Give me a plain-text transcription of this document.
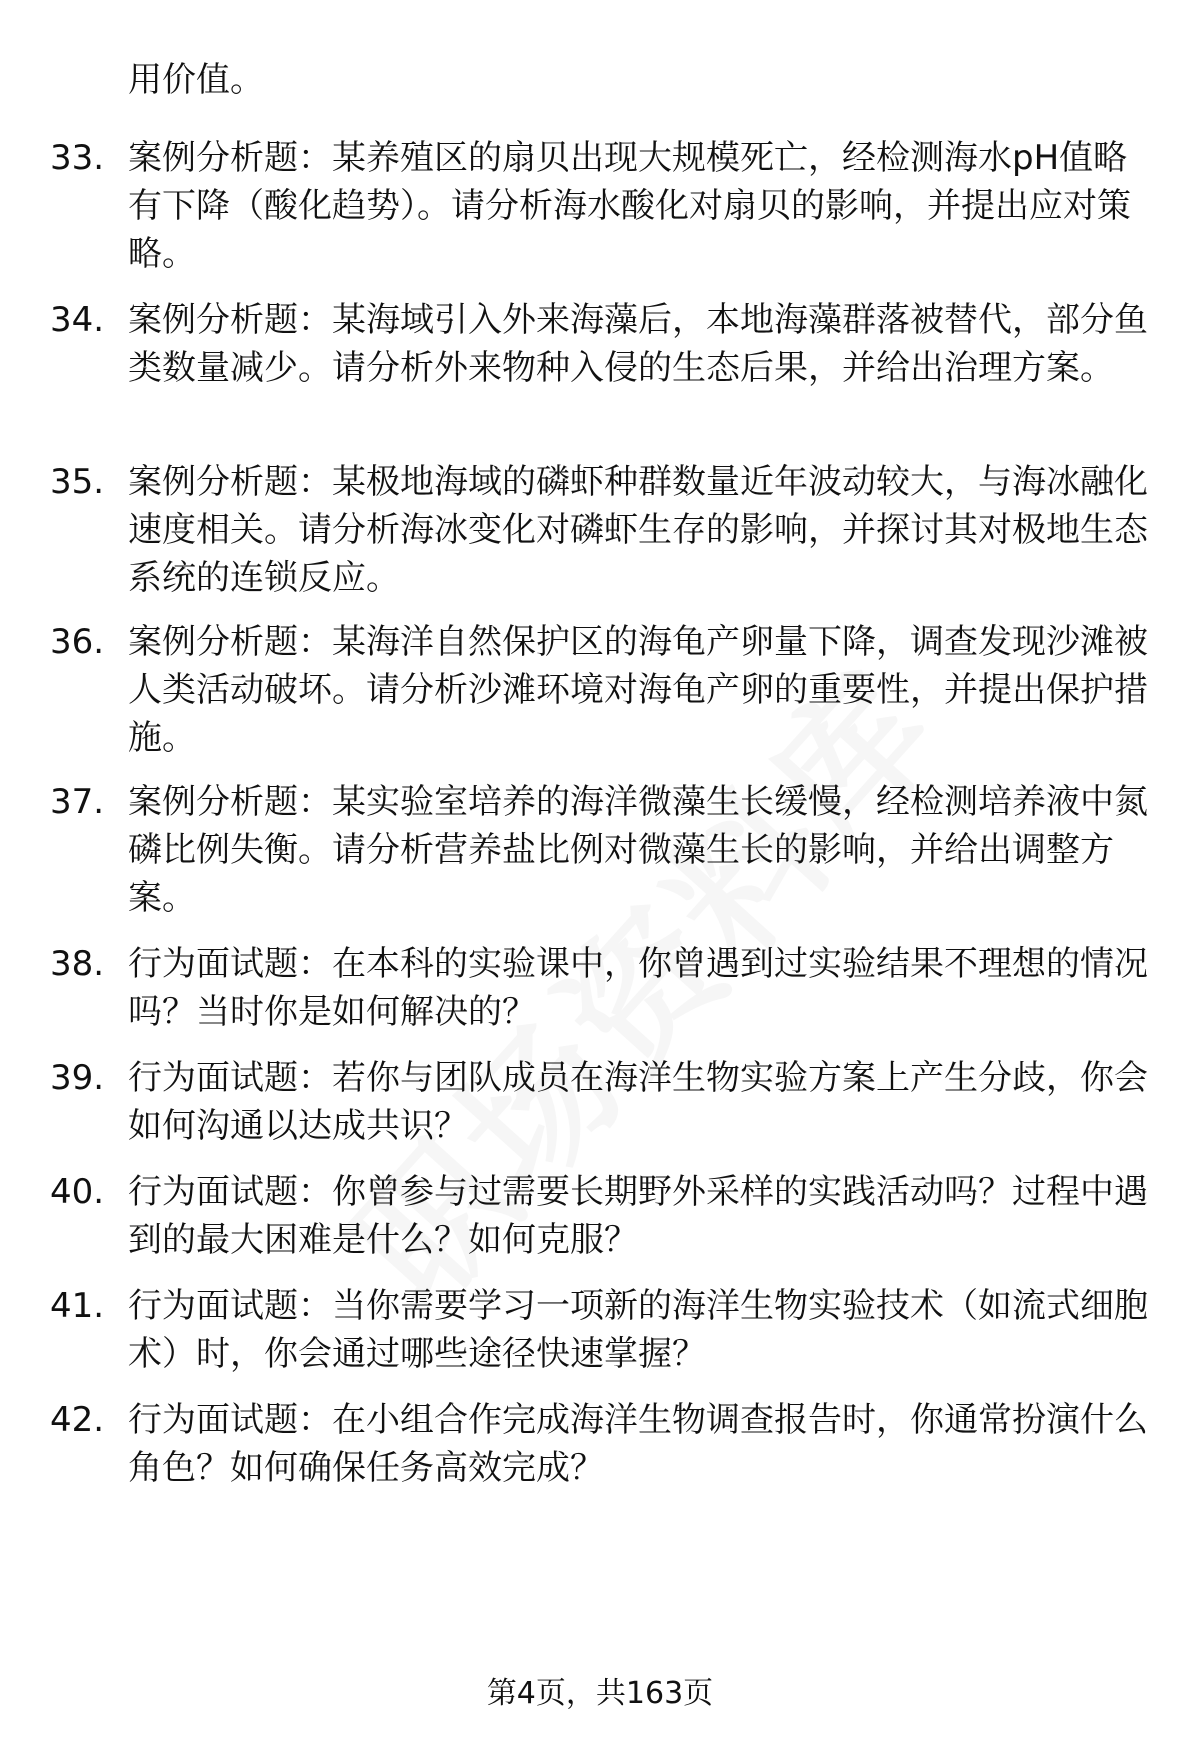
用价值。

33. 案例分析题：某养殖区的扇贝出现大规模死亡，经检测海水pH值略有下降（酸化趋势）。请分析海水酸化对扇贝的影响，并提出应对策略。
34. 案例分析题：某海域引入外来海藻后，本地海藻群落被替代，部分鱼类数量减少。请分析外来物种入侵的生态后果，并给出治理方案。
35. 案例分析题：某极地海域的磷虾种群数量近年波动较大，与海冰融化速度相关。请分析海冰变化对磷虾生存的影响，并探讨其对极地生态系统的连锁反应。
36. 案例分析题：某海洋自然保护区的海龟产卵量下降，调查发现沙滩被人类活动破坏。请分析沙滩环境对海龟产卵的重要性，并提出保护措施。
37. 案例分析题：某实验室培养的海洋微藻生长缓慢，经检测培养液中氮磷比例失衡。请分析营养盐比例对微藻生长的影响，并给出调整方案。
38. 行为面试题：在本科的实验课中，你曾遇到过实验结果不理想的情况吗？当时你是如何解决的？
39. 行为面试题：若你与团队成员在海洋生物实验方案上产生分歧，你会如何沟通以达成共识？
40. 行为面试题：你曾参与过需要长期野外采样的实践活动吗？过程中遇到的最大困难是什么？如何克服？
41. 行为面试题：当你需要学习一项新的海洋生物实验技术（如流式细胞术）时，你会通过哪些途径快速掌握？
42. 行为面试题：在小组合作完成海洋生物调查报告时，你通常扮演什么角色？如何确保任务高效完成？
第4页，共163页
